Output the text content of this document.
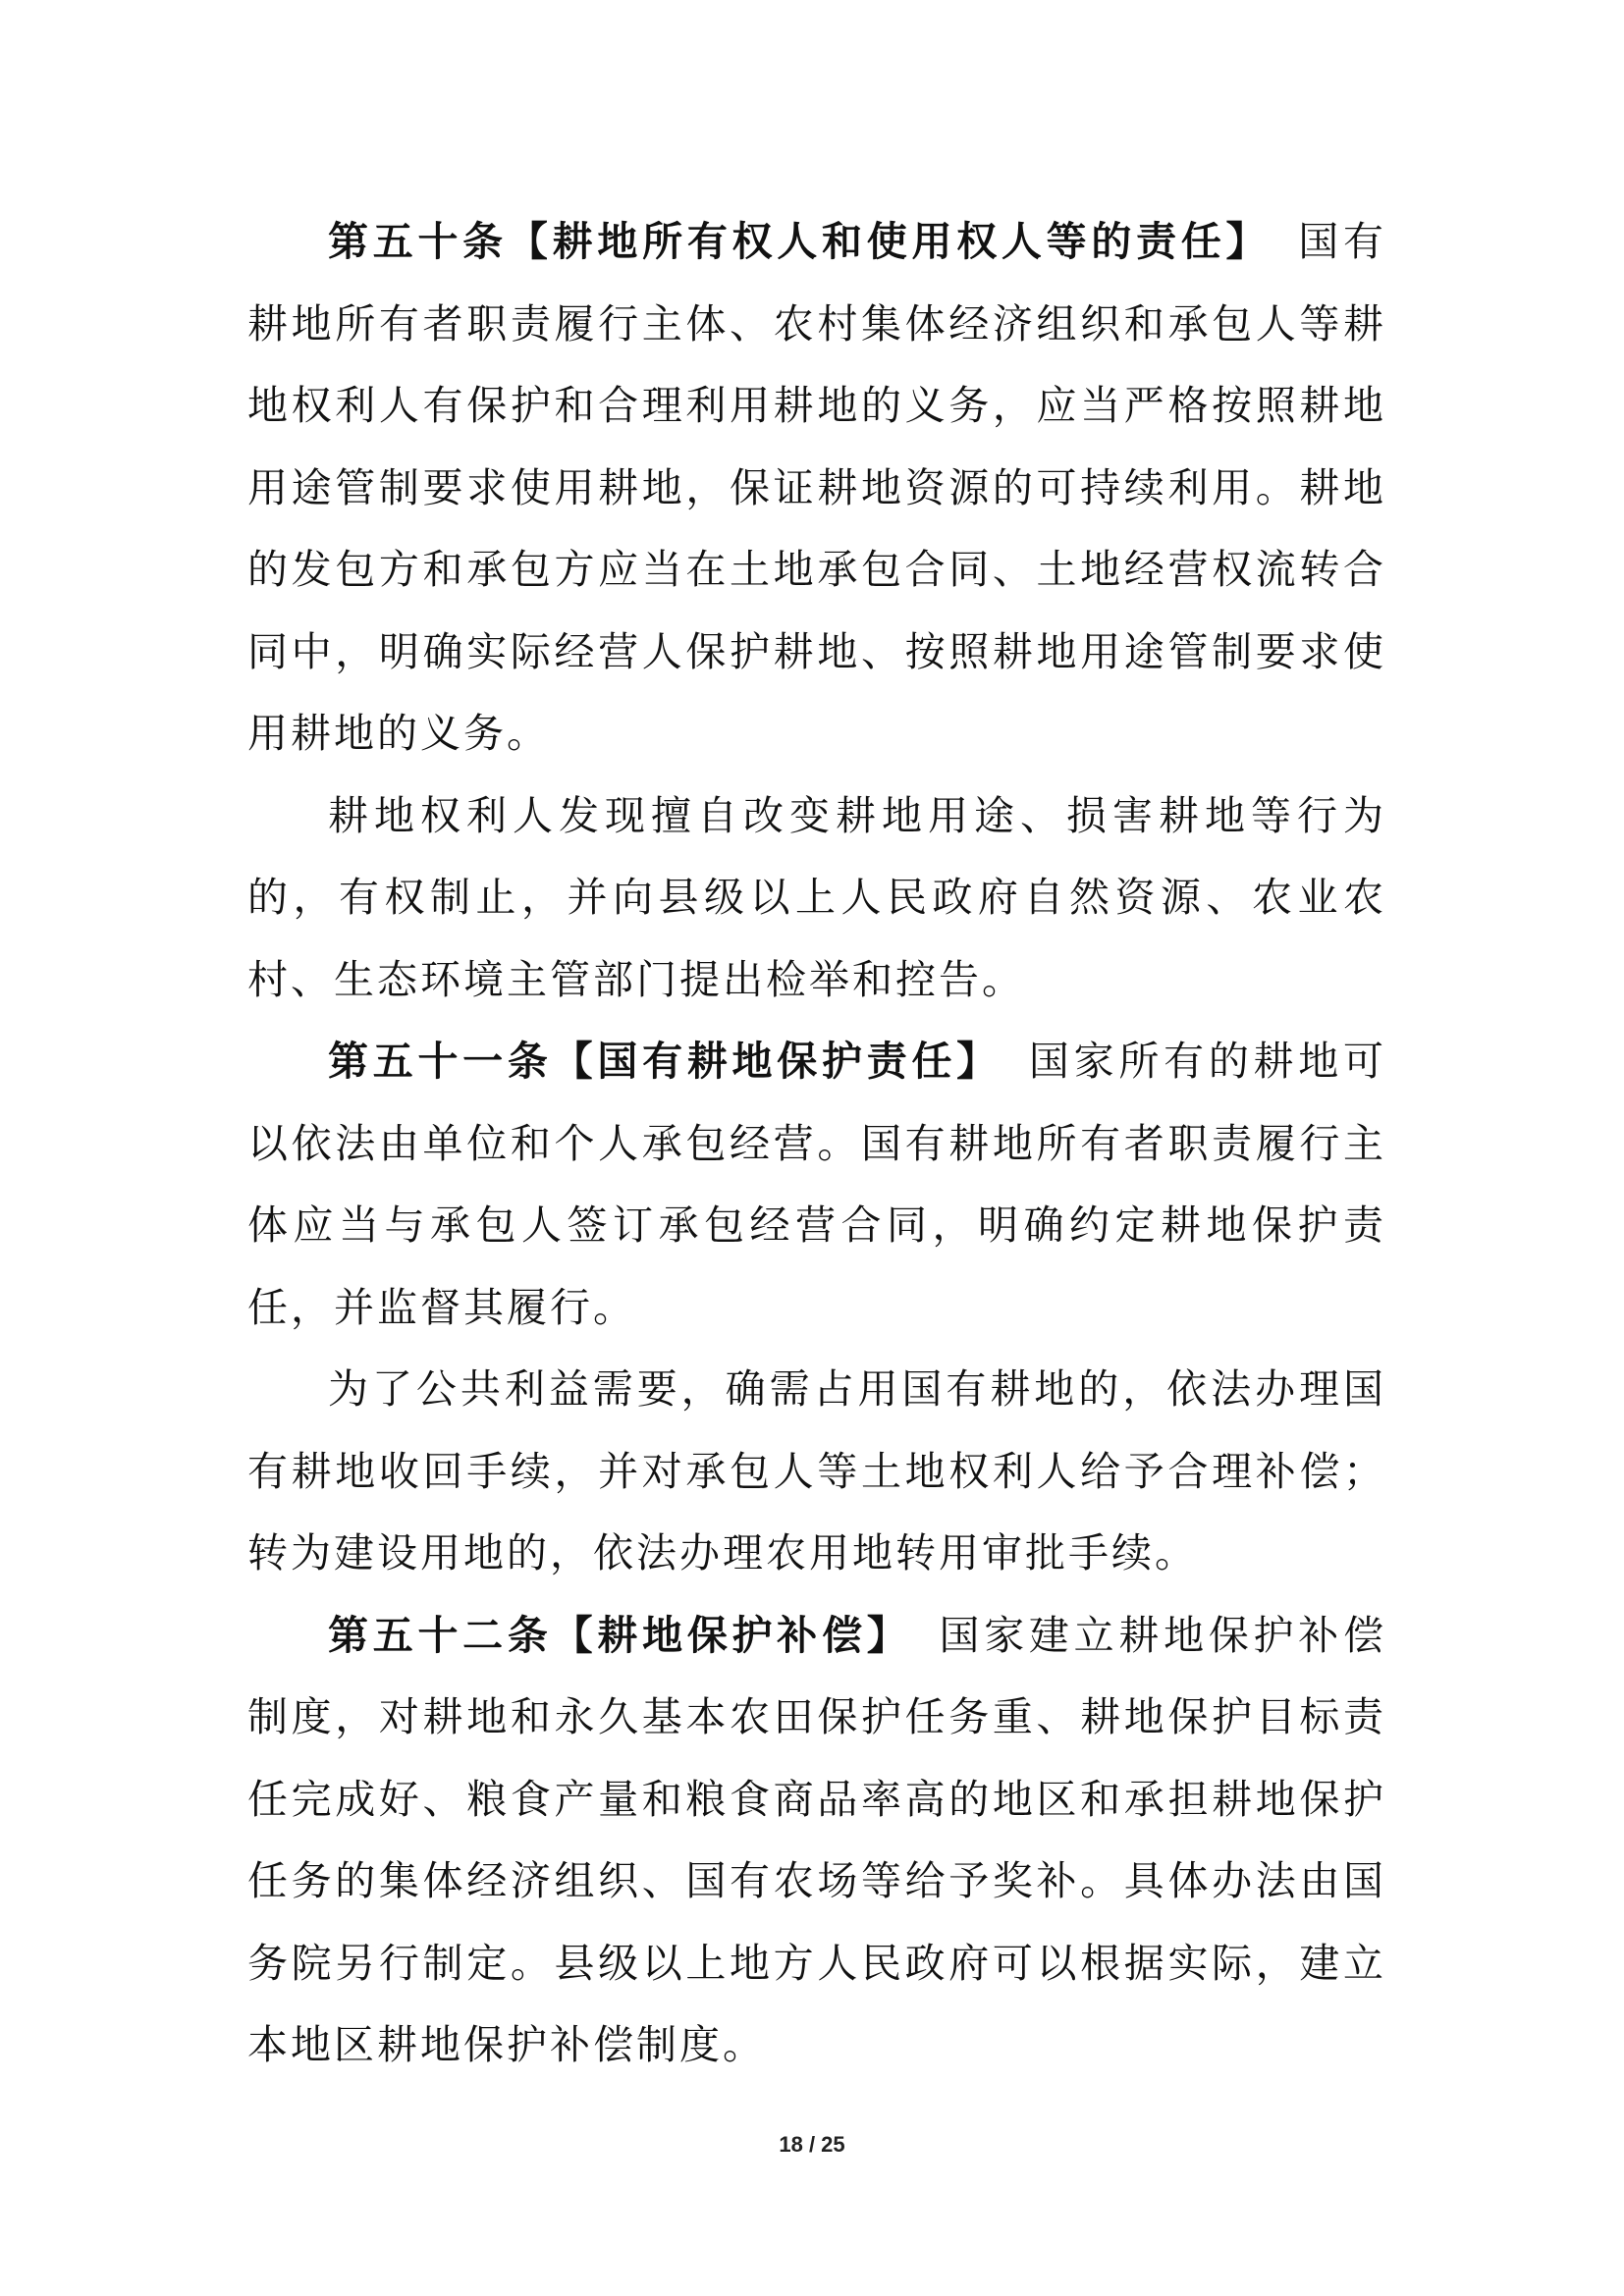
第五十条【耕地所有权人和使用权人等的责任】 国有耕地所有者职责履行主体、农村集体经济组织和承包人等耕地权利人有保护和合理利用耕地的义务，应当严格按照耕地用途管制要求使用耕地，保证耕地资源的可持续利用。耕地的发包方和承包方应当在土地承包合同、土地经营权流转合同中，明确实际经营人保护耕地、按照耕地用途管制要求使用耕地的义务。

耕地权利人发现擅自改变耕地用途、损害耕地等行为的，有权制止，并向县级以上人民政府自然资源、农业农村、生态环境主管部门提出检举和控告。

第五十一条【国有耕地保护责任】 国家所有的耕地可以依法由单位和个人承包经营。国有耕地所有者职责履行主体应当与承包人签订承包经营合同，明确约定耕地保护责任，并监督其履行。

为了公共利益需要，确需占用国有耕地的，依法办理国有耕地收回手续，并对承包人等土地权利人给予合理补偿；转为建设用地的，依法办理农用地转用审批手续。

第五十二条【耕地保护补偿】 国家建立耕地保护补偿制度，对耕地和永久基本农田保护任务重、耕地保护目标责任完成好、粮食产量和粮食商品率高的地区和承担耕地保护任务的集体经济组织、国有农场等给予奖补。具体办法由国务院另行制定。县级以上地方人民政府可以根据实际，建立本地区耕地保护补偿制度。

18 / 25
